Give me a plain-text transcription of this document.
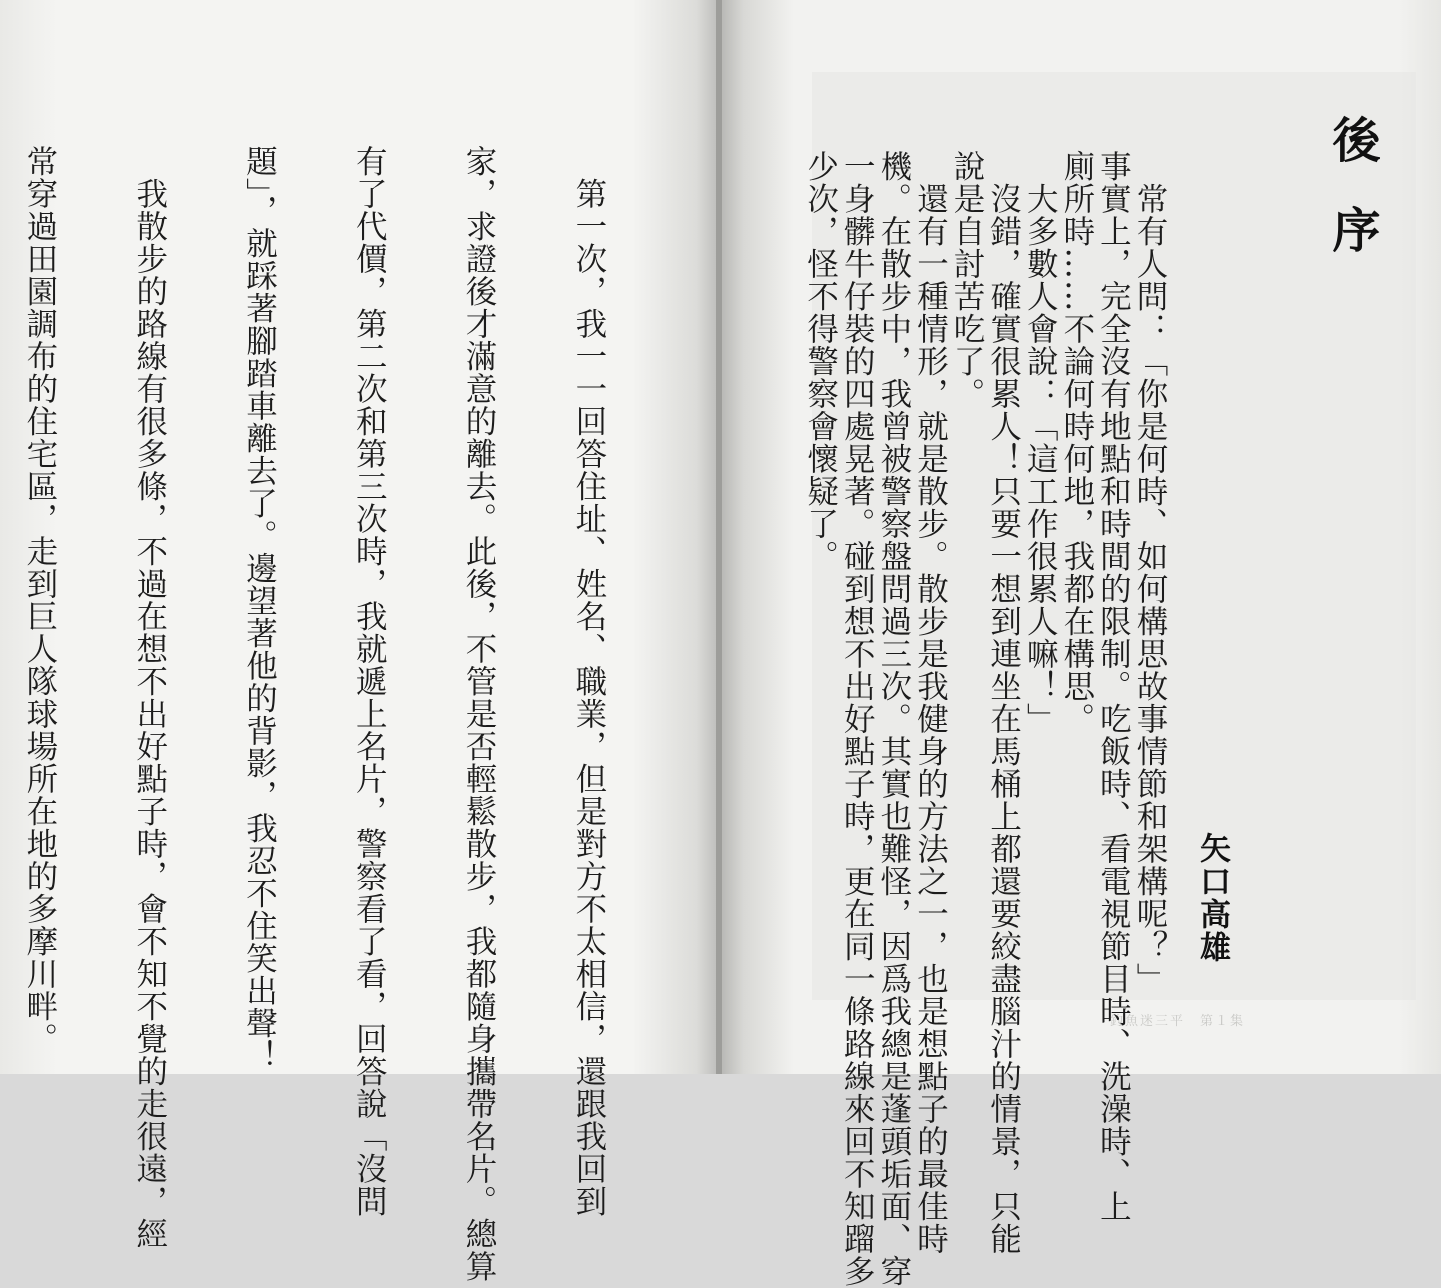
　第一次，我一一回答住址、姓名、職業，但是對方不太相信，還跟我回到

家，求證後才滿意的離去。此後，不管是否輕鬆散步，我都隨身攜帶名片。總算

有了代價，第二次和第三次時，我就遞上名片，警察看了看，回答說「沒問

題」，就踩著腳踏車離去了。邊望著他的背影，我忍不住笑出聲！

　我散步的路線有很多條，不過在想不出好點子時，會不知不覺的走很遠，經

常穿過田園調布的住宅區，走到巨人隊球場所在地的多摩川畔。

	釣魚迷三平　第１集
後序

　常有人問：「你是何時、如何構思故事情節和架構呢？」

事實上，完全沒有地點和時間的限制。吃飯時、看電視節目時、洗澡時、上

廁所時……不論何時何地，我都在構思。

　大多數人會說：「這工作很累人嘛！」

　沒錯，確實很累人！只要一想到連坐在馬桶上都還要絞盡腦汁的情景，只能

說是自討苦吃了。

　還有一種情形，就是散步。散步是我健身的方法之一，也是想點子的最佳時

機。在散步中，我曾被警察盤問過三次。其實也難怪，因爲我總是蓬頭垢面、穿

一身髒牛仔裝的四處晃著。碰到想不出好點子時，更在同一條路線來回不知蹓多

少次，怪不得警察會懷疑了。

矢口高雄
